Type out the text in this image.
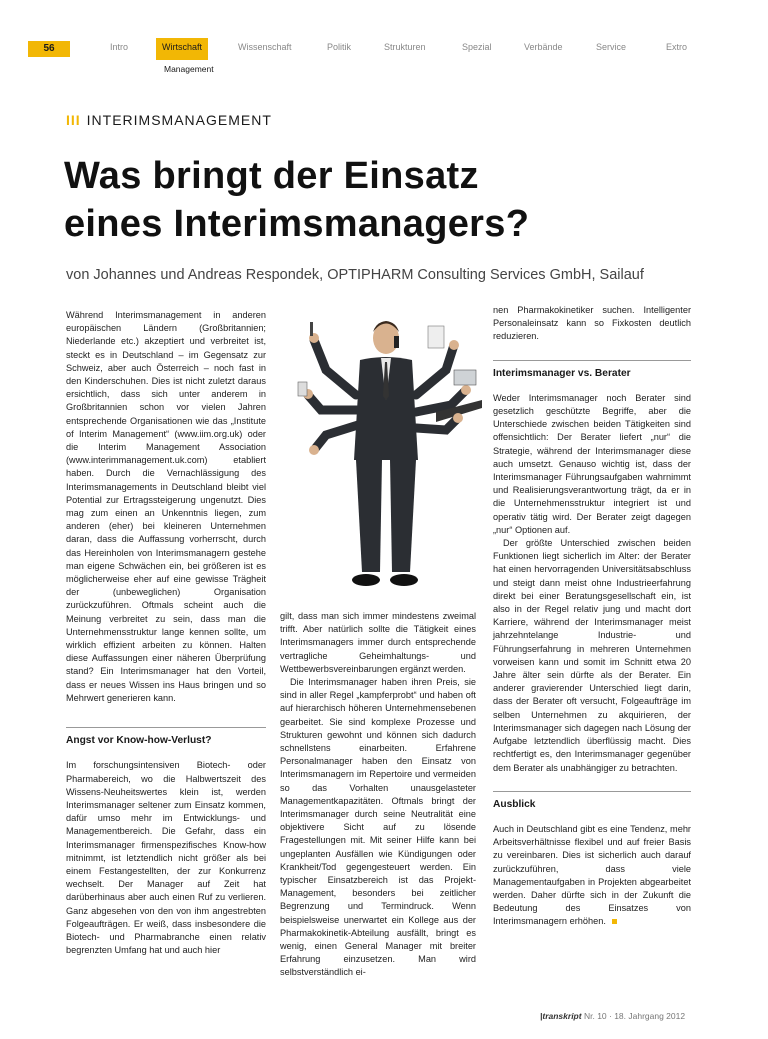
56	Intro	Wirtschaft	Wissenschaft	Politik	Strukturen	Spezial	Verbände	Service	Extro
Management
III INTERIMSMANAGEMENT
Was bringt der Einsatz
eines Interimsmanagers?
von Johannes und Andreas Respondek, OPTIPHARM Consulting Services GmbH, Sailauf

Während Interimsmanagement in anderen europäischen Ländern (Großbritannien; Niederlande etc.) akzeptiert und verbreitet ist, steckt es in Deutschland – im Gegensatz zur Schweiz, aber auch Österreich – noch fast in den Kinderschuhen. Dies ist nicht zuletzt daraus ersichtlich, dass sich unter anderem in Großbritannien schon vor vielen Jahren entsprechende Organisationen wie das „Institute of Interim Management“ (www.iim.org.uk) oder die Interim Management Association (www.interimmanagement.uk.com) etabliert haben. Durch die Vernachlässigung des Interimsmanagements in Deutschland bleibt viel Potential zur Ertragssteigerung ungenutzt. Dies mag zum einen an Unkenntnis liegen, zum anderen (eher) bei kleineren Unternehmen daran, dass die Auffassung vorherrscht, durch das Hereinholen von Interimsmanagern gestehe man eigene Schwächen ein, bei größeren ist es möglicherweise eher auf eine gewisse Trägheit der (unbeweglichen) Organisation zurückzuführen. Oftmals scheint auch die Meinung verbreitet zu sein, dass man die Unternehmensstruktur lange kennen sollte, um wirklich effizient arbeiten zu können. Halten diese Auffassungen einer näheren Überprüfung stand? Ein Interimsmanager hat den Vorteil, dass er neues Wissen ins Haus bringen und so Mehrwert generieren kann.

Angst vor Know-how-Verlust?

Im forschungsintensiven Biotech- oder Pharmabereich, wo die Halbwertszeit des Wissens-Neuheitswertes klein ist, werden Interimsmanager seltener zum Einsatz kommen, dafür umso mehr im Entwicklungs- und Managementbereich. Die Gefahr, dass ein Interimsmanager firmenspezifisches Know-how mitnimmt, ist letztendlich nicht größer als bei einem Festangestellten, der zur Konkurrenz wechselt. Der Manager auf Zeit hat darüberhinaus aber auch einen Ruf zu verlieren. Ganz abgesehen von den von ihm angestrebten Folgeaufträgen. Er weiß, dass insbesondere die Biotech- und Pharmabranche einen relativ begrenzten Umfang hat und auch hier

gilt, dass man sich immer mindestens zweimal trifft. Aber natürlich sollte die Tätigkeit eines Interimsmanagers immer durch entsprechende vertragliche Geheimhaltungs- und Wettbewerbsvereinbarungen ergänzt werden.

Die Interimsmanager haben ihren Preis, sie sind in aller Regel „kampferprobt“ und haben oft auf hierarchisch höheren Unternehmensebenen gearbeitet. Sie sind komplexe Prozesse und Strukturen gewohnt und können sich dadurch schnellstens einarbeiten. Erfahrene Personalmanager haben den Einsatz von Interimsmanagern im Repertoire und vermeiden so das Vorhalten unausgelasteter Managementkapazitäten. Oftmals bringt der Interimsmanager durch seine Neutralität eine objektivere Sicht auf zu lösende Fragestellungen mit. Mit seiner Hilfe kann bei ungeplanten Ausfällen wie Kündigungen oder Krankheit/Tod gegengesteuert werden. Ein typischer Einsatzbereich ist das Projekt-Management, besonders bei zeitlicher Begrenzung und Termindruck. Wenn beispielsweise unerwartet ein Kollege aus der Pharmakokinetik-Abteilung ausfällt, bringt es wenig, einen General Manager mit breiter Erfahrung einzusetzen. Man wird selbstverständlich ei-

nen Pharmakokinetiker suchen. Intelligenter Personaleinsatz kann so Fixkosten deutlich reduzieren.

Interimsmanager vs. Berater

Weder Interimsmanager noch Berater sind gesetzlich geschützte Begriffe, aber die Unterschiede zwischen beiden Tätigkeiten sind offensichtlich: Der Berater liefert „nur“ die Strategie, während der Interimsmanager diese auch umsetzt. Genauso wichtig ist, dass der Interimsmanager Führungsaufgaben wahrnimmt und Realisierungsverantwortung trägt, da er in die Unternehmensstruktur integriert ist und operativ tätig wird. Der Berater zeigt dagegen „nur“ Optionen auf.

Der größte Unterschied zwischen beiden Funktionen liegt sicherlich im Alter: der Berater hat einen hervorragenden Universitätsabschluss und steigt dann meist ohne Industrieerfahrung direkt bei einer Beratungsgesellschaft ein, ist also in der Regel relativ jung und macht dort Karriere, während der Interimsmanager meist jahrzehntelange Industrie- und Führungserfahrung in mehreren Unternehmen vorweisen kann und somit im Schnitt etwa 20 Jahre älter sein dürfte als der Berater. Ein anderer gravierender Unterschied liegt darin, dass der Berater oft versucht, Folgeaufträge im selben Unternehmen zu akquirieren, der Interimsmanager sich dagegen nach Lösung der Aufgabe letztendlich überflüssig macht. Dies rechtfertigt es, den Interimsmanager gegenüber dem Berater als unabhängiger zu betrachten.

Ausblick

Auch in Deutschland gibt es eine Tendenz, mehr Arbeitsverhältnisse flexibel und auf freier Basis zu vereinbaren. Dies ist sicherlich auch darauf zurückzuführen, dass viele Managementaufgaben in Projekten abgearbeitet werden. Daher dürfte sich in der Zukunft die Bedeutung des Einsatzes von Interimsmanagern erhöhen.

|transkript Nr. 10 · 18. Jahrgang 2012
